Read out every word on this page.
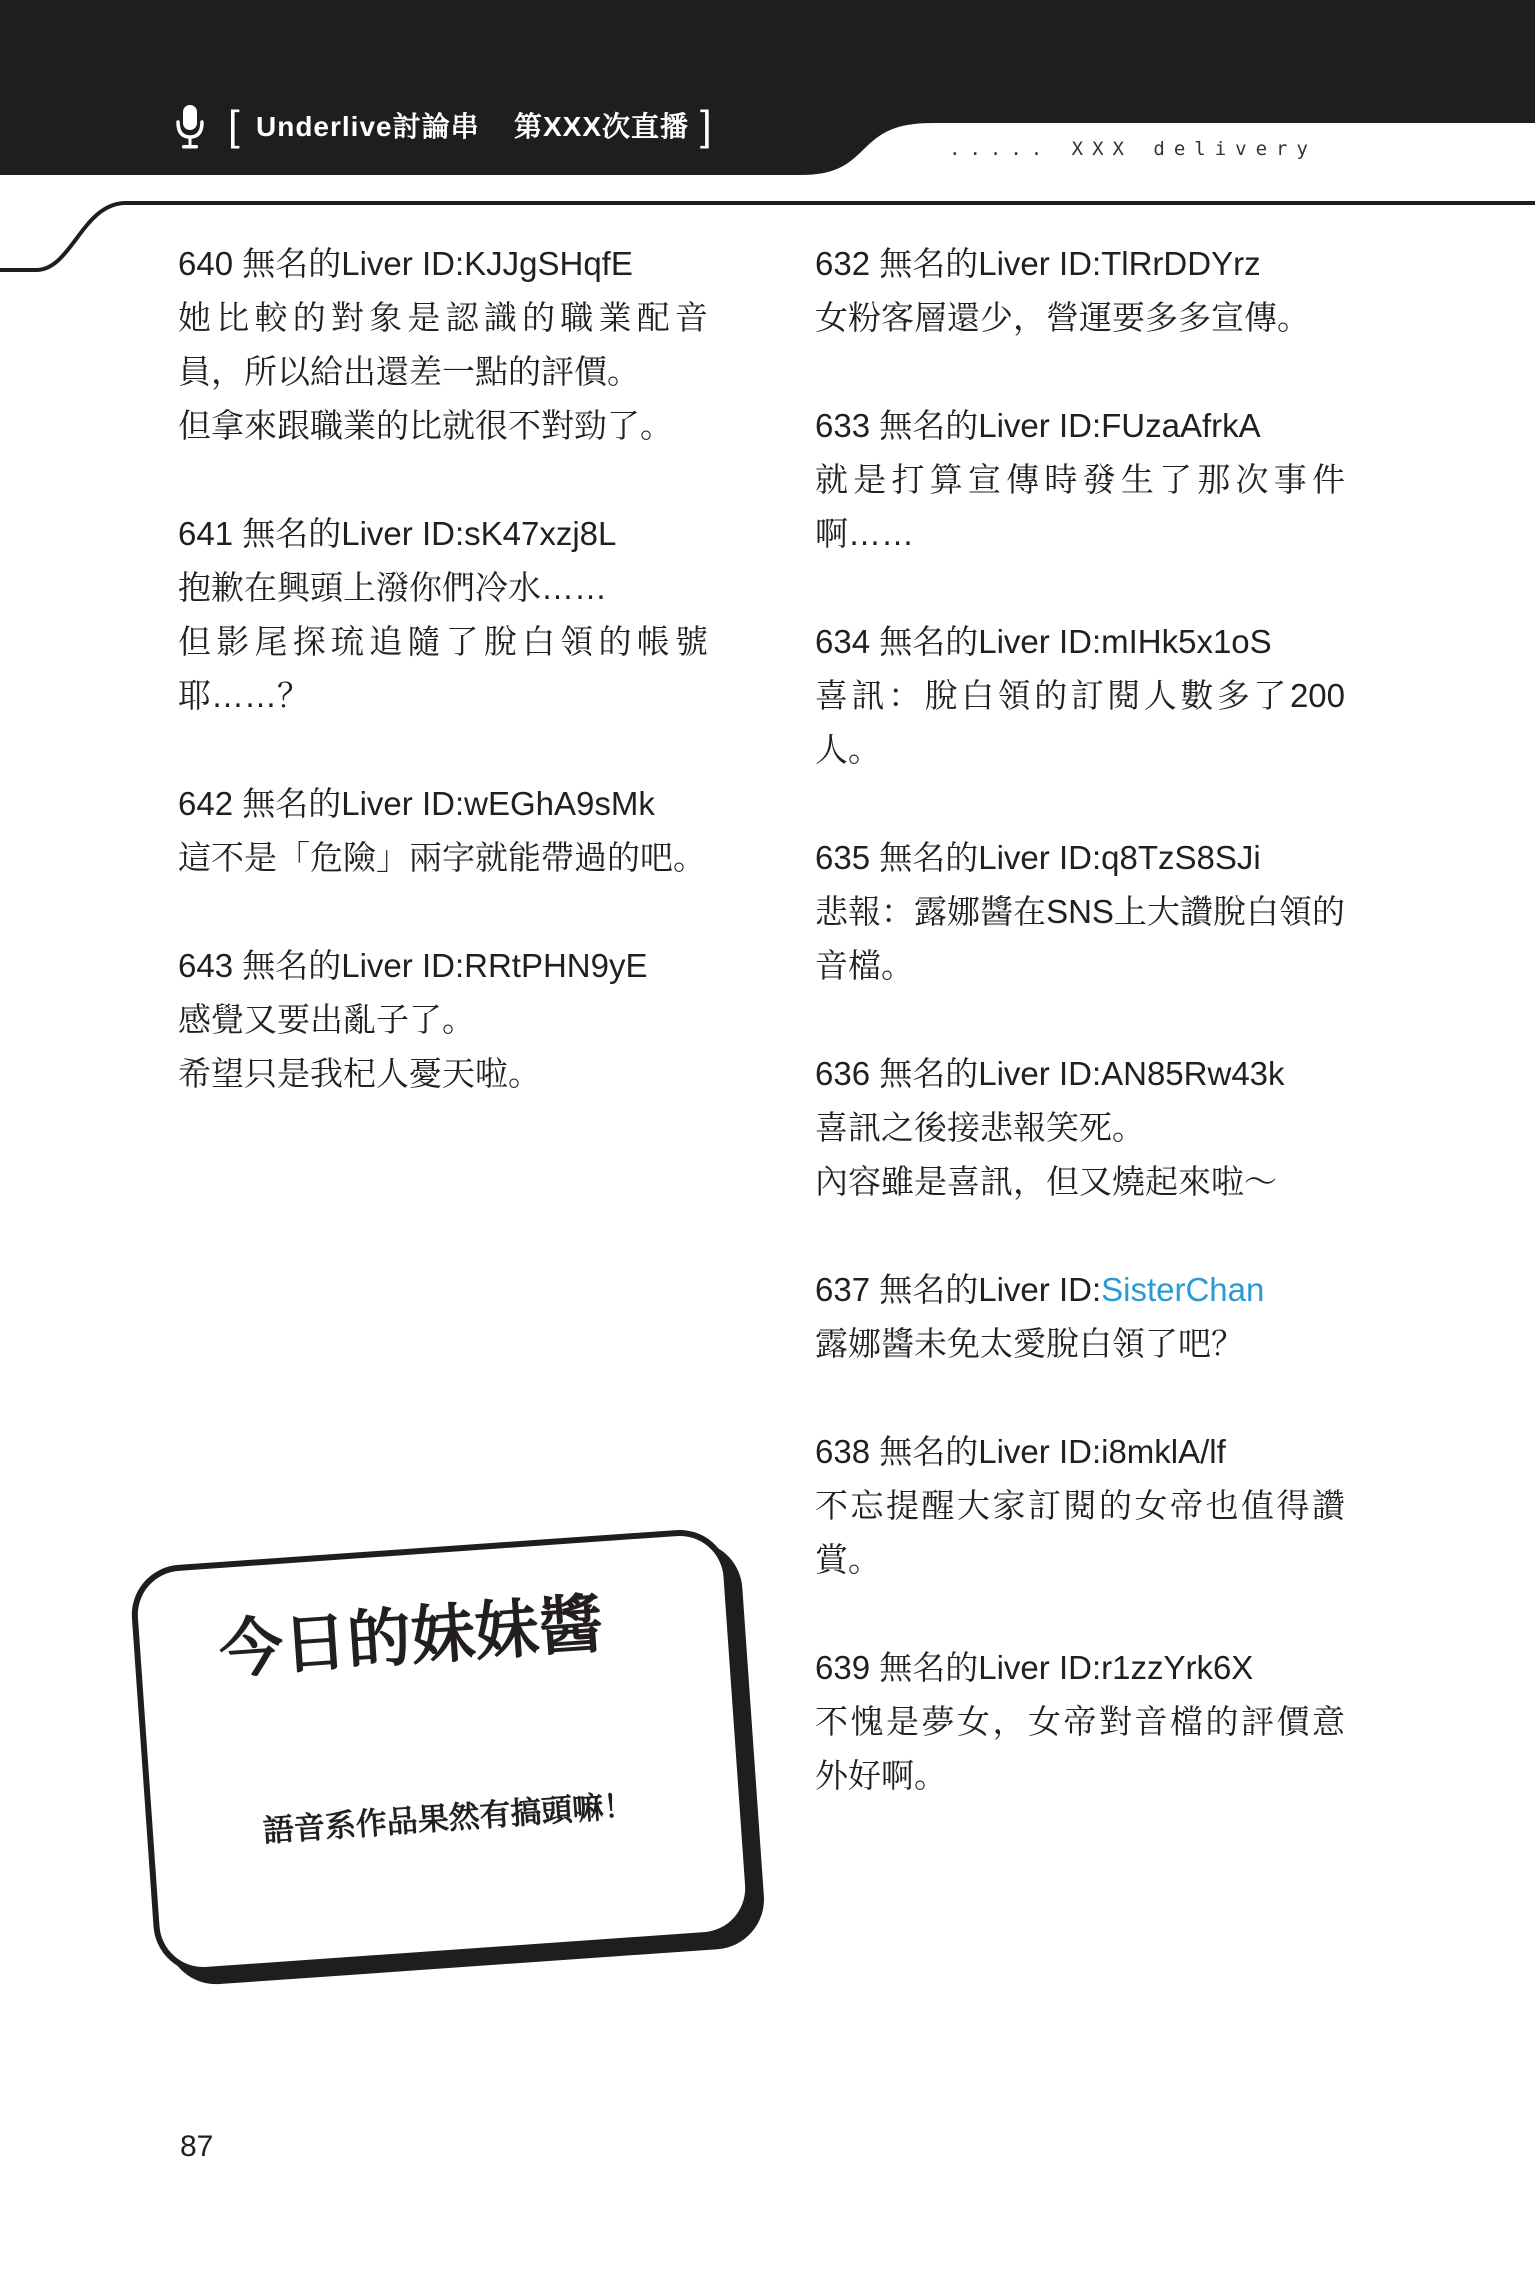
[ Underlive討論串 第XXX次直播 ]	..... XXX delivery
640 無名的Liver ID:KJJgSHqfE
她比較的對象是認識的職業配音
員，所以給出還差一點的評價。
但拿來跟職業的比就很不對勁了。
641 無名的Liver ID:sK47xzj8L
抱歉在興頭上潑你們冷水……
但影尾探琉追隨了脫白領的帳號
耶……？
642 無名的Liver ID:wEGhA9sMk
這不是「危險」兩字就能帶過的吧。
643 無名的Liver ID:RRtPHN9yE
感覺又要出亂子了。
希望只是我杞人憂天啦。
632 無名的Liver ID:TlRrDDYrz
女粉客層還少，營運要多多宣傳。
633 無名的Liver ID:FUzaAfrkA
就是打算宣傳時發生了那次事件
啊……
634 無名的Liver ID:mIHk5x1oS
喜訊：脫白領的訂閱人數多了200
人。
635 無名的Liver ID:q8TzS8SJi
悲報：露娜醬在SNS上大讚脫白領的
音檔。
636 無名的Liver ID:AN85Rw43k
喜訊之後接悲報笑死。
內容雖是喜訊，但又燒起來啦～
637 無名的Liver ID:SisterChan
露娜醬未免太愛脫白領了吧？
638 無名的Liver ID:i8mklA/lf
不忘提醒大家訂閱的女帝也值得讚
賞。
639 無名的Liver ID:r1zzYrk6X
不愧是夢女，女帝對音檔的評價意
外好啊。
今日的妹妹醬
語音系作品果然有搞頭嘛！
87
